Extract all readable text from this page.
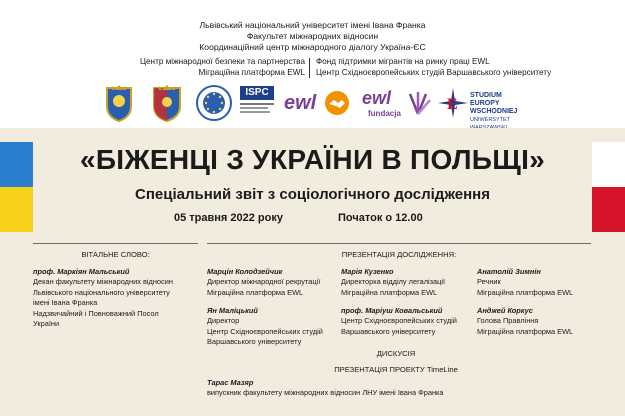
Львівський національний університет імені Івана Франка
Факультет міжнародних відносин
Координаційний центр міжнародного діалогу Україна-ЄС
Центр міжнародної безпеки та партнерства
Міграційна платформа EWL
Фонд підтримки мігрантів на ринку праці EWL
Центр Східноєвропейських студій Варшавського університету
ISPC ewl	ewl
fundacja
E
STUDIUM
EUROPY WSCHODNIEJ
UNIWERSYTET
«БІЖЕНЦІ З УКРАЇНИ В ПОЛЬЩІ»
Спеціальний звіт з соціологічного дослідження
05 травня 2022 року	Початок о 12.00
ВІТАЛЬНЕ СЛОВО:	ПРЕЗЕНТАЦІЯ ДОСЛІДЖЕННЯ:
проф. Маркіян Мальський
Декан факультету міжнародних відносин
Львівського національного університету
імені Івана Франка
Надзвичайний і Повноважний Посол
України
Марцін Колодзейчик
Директор міжнародної рекрутації
Міграційна платформа EWL
Марія Кузенко
Директорка відділу легалізації
Міграційна платформа EWL
Анатолій Зимнін
Речник
Міграційна платформа EWL
Ян Маліцький
Директор
Центр Східноєвропейських студій
Варшавського університету
проф. Маріуш Ковальський
Центр Східноєвропейських студій
Варшавського університету
Анджей Коркус
Голова Правління
Міграційна платформа EWL
ДИСКУСІЯ
ПРЕЗЕНТАЦІЯ ПРОЕКТУ TimeLine
Тарас Мазяр
випускник факультету міжнародних відносин ЛНУ імені Івана Франка
